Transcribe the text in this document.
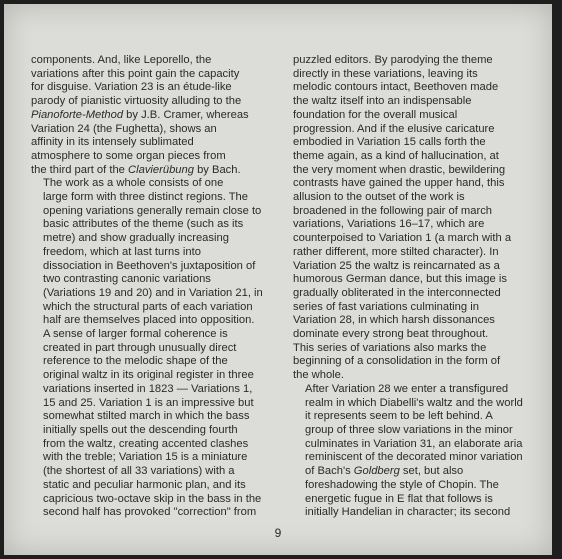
components. And, like Leporello, the
variations after this point gain the capacity
for disguise. Variation 23 is an étude-like
parody of pianistic virtuosity alluding to the
Pianoforte-Method by J.B. Cramer, whereas
Variation 24 (the Fughetta), shows an
affinity in its intensely sublimated
atmosphere to some organ pieces from
the third part of the Clavierübung by Bach.

The work as a whole consists of one
large form with three distinct regions. The
opening variations generally remain close to
basic attributes of the theme (such as its
metre) and show gradually increasing
freedom, which at last turns into
dissociation in Beethoven's juxtaposition of
two contrasting canonic variations
(Variations 19 and 20) and in Variation 21, in
which the structural parts of each variation
half are themselves placed into opposition.
A sense of larger formal coherence is
created in part through unusually direct
reference to the melodic shape of the
original waltz in its original register in three
variations inserted in 1823 — Variations 1,
15 and 25. Variation 1 is an impressive but
somewhat stilted march in which the bass
initially spells out the descending fourth
from the waltz, creating accented clashes
with the treble; Variation 15 is a miniature
(the shortest of all 33 variations) with a
static and peculiar harmonic plan, and its
capricious two-octave skip in the bass in the
second half has provoked "correction" from

puzzled editors. By parodying the theme
directly in these variations, leaving its
melodic contours intact, Beethoven made
the waltz itself into an indispensable
foundation for the overall musical
progression. And if the elusive caricature
embodied in Variation 15 calls forth the
theme again, as a kind of hallucination, at
the very moment when drastic, bewildering
contrasts have gained the upper hand, this
allusion to the outset of the work is
broadened in the following pair of march
variations, Variations 16–17, which are
counterpoised to Variation 1 (a march with a
rather different, more stilted character). In
Variation 25 the waltz is reincarnated as a
humorous German dance, but this image is
gradually obliterated in the interconnected
series of fast variations culminating in
Variation 28, in which harsh dissonances
dominate every strong beat throughout.
This series of variations also marks the
beginning of a consolidation in the form of
the whole.

After Variation 28 we enter a transfigured
realm in which Diabelli's waltz and the world
it represents seem to be left behind. A
group of three slow variations in the minor
culminates in Variation 31, an elaborate aria
reminiscent of the decorated minor variation
of Bach's Goldberg set, but also
foreshadowing the style of Chopin. The
energetic fugue in E flat that follows is
initially Handelian in character; its second

9
